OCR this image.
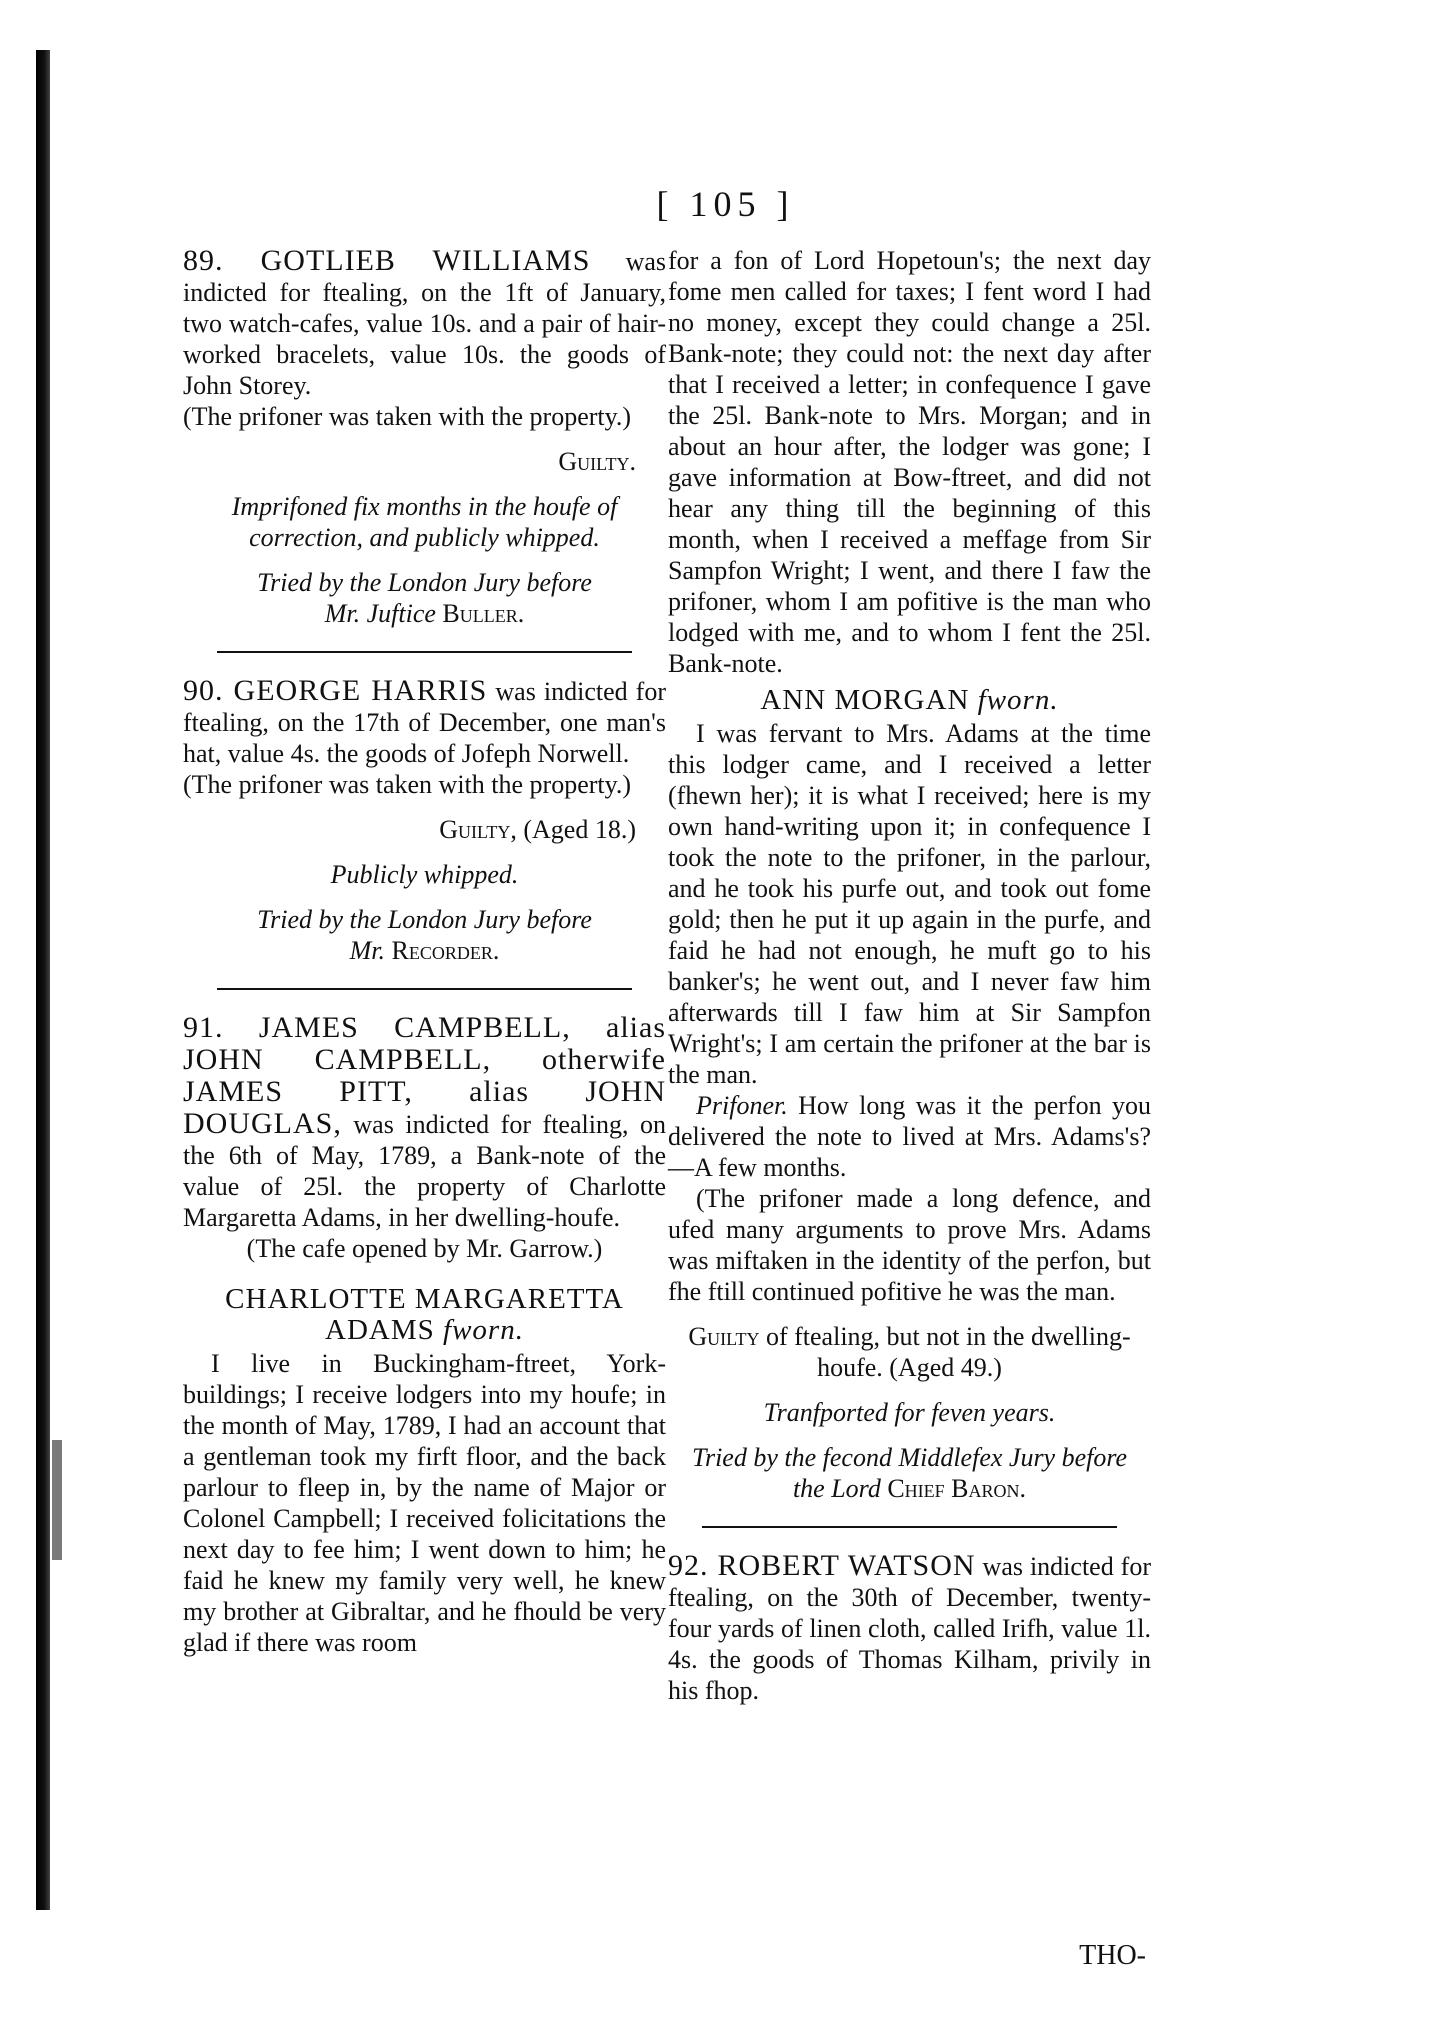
[ 105 ]

89. GOTLIEB WILLIAMS was indicted for ftealing, on the 1ft of January, two watch-cafes, value 10s. and a pair of hair-worked bracelets, value 10s. the goods of John Storey.

(The prifoner was taken with the property.)

Guilty.

Imprifoned fix months in the houfe of correction, and publicly whipped.

Tried by the London Jury before

Mr. Juftice Buller.

90. GEORGE HARRIS was indicted for ftealing, on the 17th of December, one man's hat, value 4s. the goods of Jofeph Norwell.

(The prifoner was taken with the property.)

Guilty, (Aged 18.)

Publicly whipped.

Tried by the London Jury before

Mr. Recorder.

91. JAMES CAMPBELL, alias JOHN CAMPBELL, otherwife JAMES PITT, alias JOHN DOUGLAS, was indicted for ftealing, on the 6th of May, 1789, a Bank-note of the value of 25l. the property of Charlotte Margaretta Adams, in her dwelling-houfe.

(The cafe opened by Mr. Garrow.)

CHARLOTTE MARGARETTA ADAMS fworn.

I live in Buckingham-ftreet, York-buildings; I receive lodgers into my houfe; in the month of May, 1789, I had an account that a gentleman took my firft floor, and the back parlour to fleep in, by the name of Major or Colonel Campbell; I received folicitations the next day to fee him; I went down to him; he faid he knew my family very well, he knew my brother at Gibraltar, and he fhould be very glad if there was room

for a fon of Lord Hopetoun's; the next day fome men called for taxes; I fent word I had no money, except they could change a 25l. Bank-note; they could not: the next day after that I received a letter; in confequence I gave the 25l. Bank-note to Mrs. Morgan; and in about an hour after, the lodger was gone; I gave information at Bow-ftreet, and did not hear any thing till the beginning of this month, when I received a meffage from Sir Sampfon Wright; I went, and there I faw the prifoner, whom I am pofitive is the man who lodged with me, and to whom I fent the 25l. Bank-note.

ANN MORGAN fworn.

I was fervant to Mrs. Adams at the time this lodger came, and I received a letter (fhewn her); it is what I received; here is my own hand-writing upon it; in confequence I took the note to the prifoner, in the parlour, and he took his purfe out, and took out fome gold; then he put it up again in the purfe, and faid he had not enough, he muft go to his banker's; he went out, and I never faw him afterwards till I faw him at Sir Sampfon Wright's; I am certain the prifoner at the bar is the man.

Prifoner. How long was it the perfon you delivered the note to lived at Mrs. Adams's? —A few months.

(The prifoner made a long defence, and ufed many arguments to prove Mrs. Adams was miftaken in the identity of the perfon, but fhe ftill continued pofitive he was the man.

Guilty of ftealing, but not in the dwelling-houfe. (Aged 49.)

Tranfported for feven years.

Tried by the fecond Middlefex Jury before

the Lord Chief Baron.

92. ROBERT WATSON was indicted for ftealing, on the 30th of December, twenty-four yards of linen cloth, called Irifh, value 1l. 4s. the goods of Thomas Kilham, privily in his fhop.

THO-
